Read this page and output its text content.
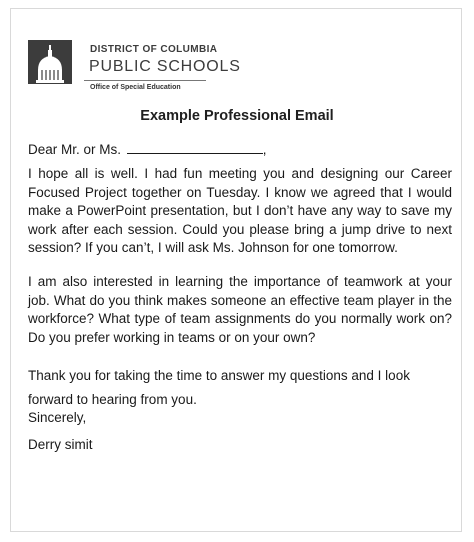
DISTRICT OF COLUMBIA
PUBLIC SCHOOLS
Office of Special Education
Example Professional Email
Dear Mr. or Ms.	,
I hope all is well. I had fun meeting you and designing our Career Focused Project together on Tuesday. I know we agreed that I would make a PowerPoint presentation, but I don’t have any way to save my work after each session. Could you please bring a jump drive to next session? If you can’t, I will ask Ms. Johnson for one tomorrow.
I am also interested in learning the importance of teamwork at your job. What do you think makes someone an effective team player in the workforce? What type of team assignments do you normally work on? Do you prefer working in teams or on your own?
Thank you for taking the time to answer my questions and I look forward to hearing from you.
Sincerely,
Derry simit
